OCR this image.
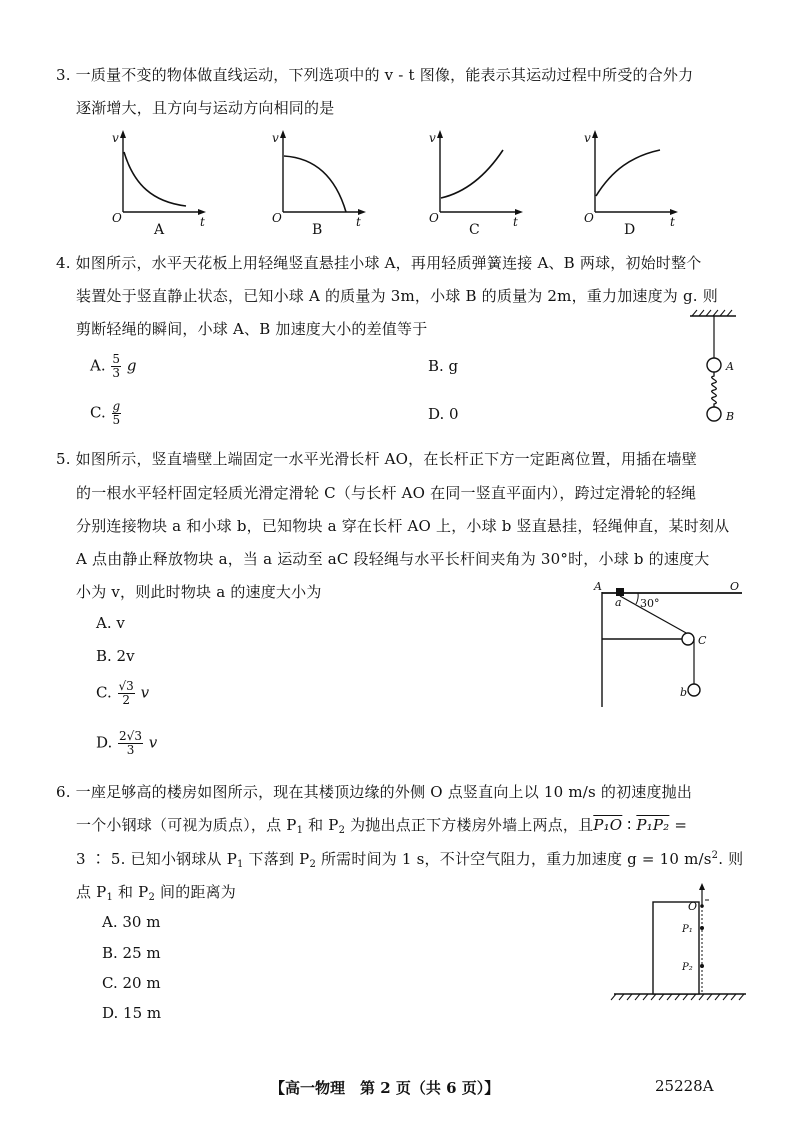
3. 一质量不变的物体做直线运动，下列选项中的 v - t 图像，能表示其运动过程中所受的合外力
逐渐增大，且方向与运动方向相同的是
v
O	t
A
v
O	t
B
v
O	t
C
v
O	t
D
4. 如图所示，水平天花板上用轻绳竖直悬挂小球 A，再用轻质弹簧连接 A、B 两球，初始时整个
装置处于竖直静止状态，已知小球 A 的质量为 3m，小球 B 的质量为 2m，重力加速度为 g. 则
剪断轻绳的瞬间，小球 A、B 加速度大小的差值等于
A. $\frac{5}{3}$ g	B. g
C. $\frac{g}{5}$	D. 0
A
B
5. 如图所示，竖直墙壁上端固定一水平光滑长杆 AO，在长杆正下方一定距离位置，用插在墙壁
的一根水平轻杆固定轻质光滑定滑轮 C（与长杆 AO 在同一竖直平面内），跨过定滑轮的轻绳
分别连接物块 a 和小球 b，已知物块 a 穿在长杆 AO 上，小球 b 竖直悬挂，轻绳伸直，某时刻从
A 点由静止释放物块 a，当 a 运动至 aC 段轻绳与水平长杆间夹角为 30°时，小球 b 的速度大
小为 v，则此时物块 a 的速度大小为
A. v
B. 2v
C. $\frac{√3}{2}$ v
D. $\frac{2√3}{3}$ v
A	O
a 30°
C
b
6. 一座足够高的楼房如图所示，现在其楼顶边缘的外侧 O 点竖直向上以 10 m/s 的初速度抛出
一个小钢球（可视为质点），点 $P_1$ 和 $P_2$ 为抛出点正下方楼房外墙上两点，且P₁O ∶ P₁P₂ =
3 ∶ 5. 已知小钢球从 $P_1$ 下落到 $P_2$ 所需时间为 1 s，不计空气阻力，重力加速度 g = 10 $m/s^2$. 则
点 $P_1$ 和 $P_2$ 间的距离为
A. 30 m
B. 25 m
C. 20 m
D. 15 m
O
P₁
P₂
【高一物理　第 2 页（共 6 页）】	25228A
